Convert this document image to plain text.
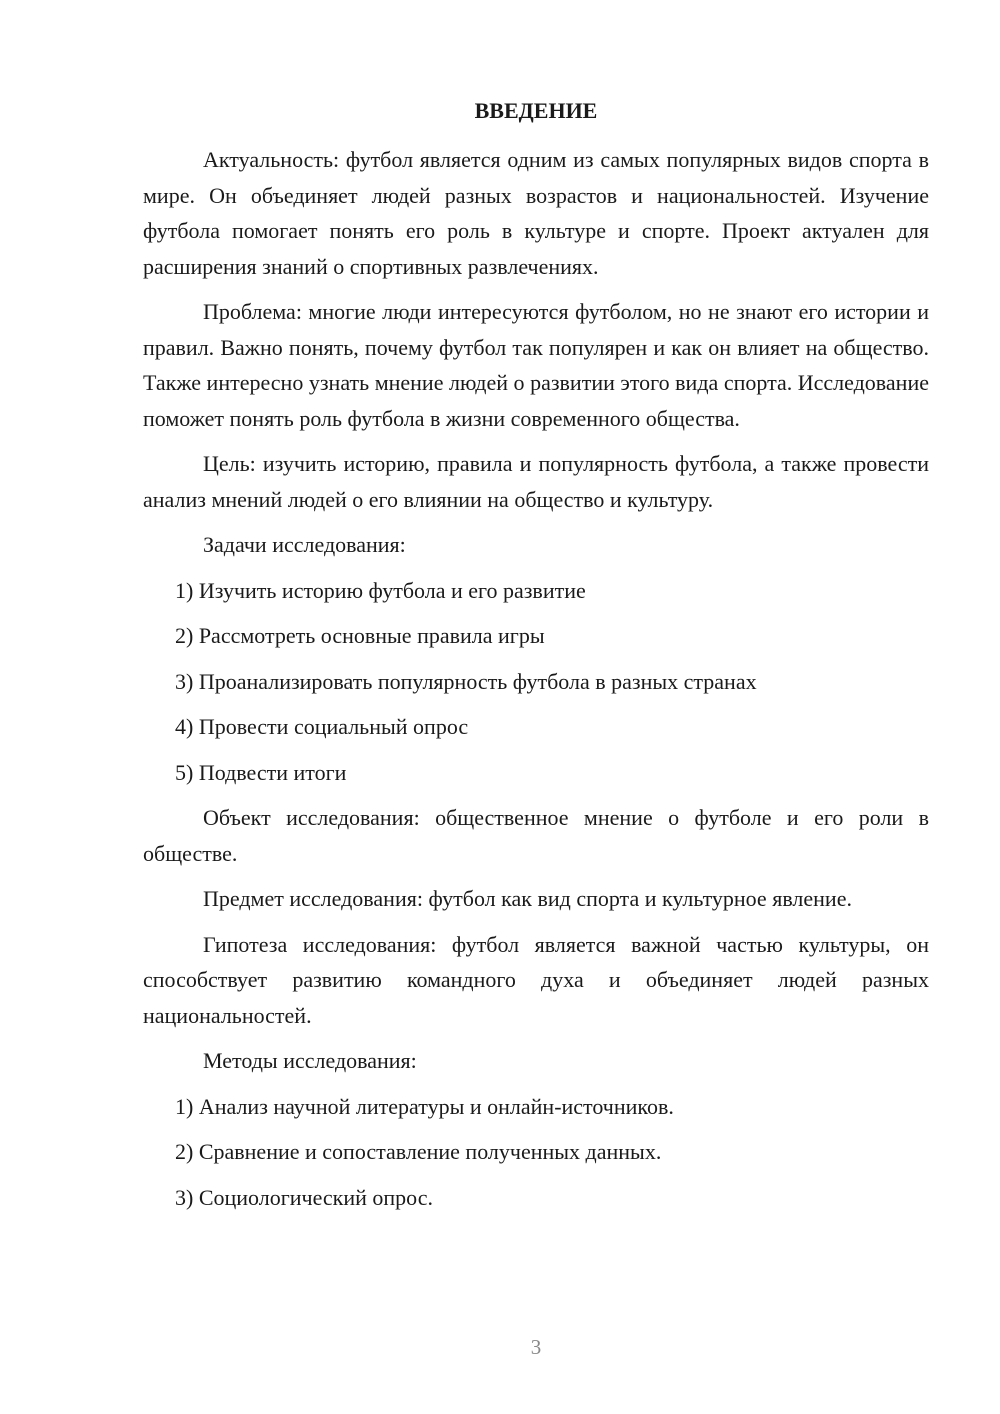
ВВЕДЕНИЕ

Актуальность: футбол является одним из самых популярных видов спорта в мире. Он объединяет людей разных возрастов и национальностей. Изучение футбола помогает понять его роль в культуре и спорте. Проект актуален для расширения знаний о спортивных развлечениях.

Проблема: многие люди интересуются футболом, но не знают его истории и правил. Важно понять, почему футбол так популярен и как он влияет на общество. Также интересно узнать мнение людей о развитии этого вида спорта. Исследование поможет понять роль футбола в жизни современного общества.

Цель: изучить историю, правила и популярность футбола, а также провести анализ мнений людей о его влиянии на общество и культуру.

Задачи исследования:

1) Изучить историю футбола и его развитие

2) Рассмотреть основные правила игры

3) Проанализировать популярность футбола в разных странах

4) Провести социальный опрос

5) Подвести итоги

Объект исследования: общественное мнение о футболе и его роли в обществе.

Предмет исследования: футбол как вид спорта и культурное явление.

Гипотеза исследования: футбол является важной частью культуры, он способствует развитию командного духа и объединяет людей разных национальностей.

Методы исследования:

1) Анализ научной литературы и онлайн-источников.

2) Сравнение и сопоставление полученных данных.

3) Социологический опрос.

3
